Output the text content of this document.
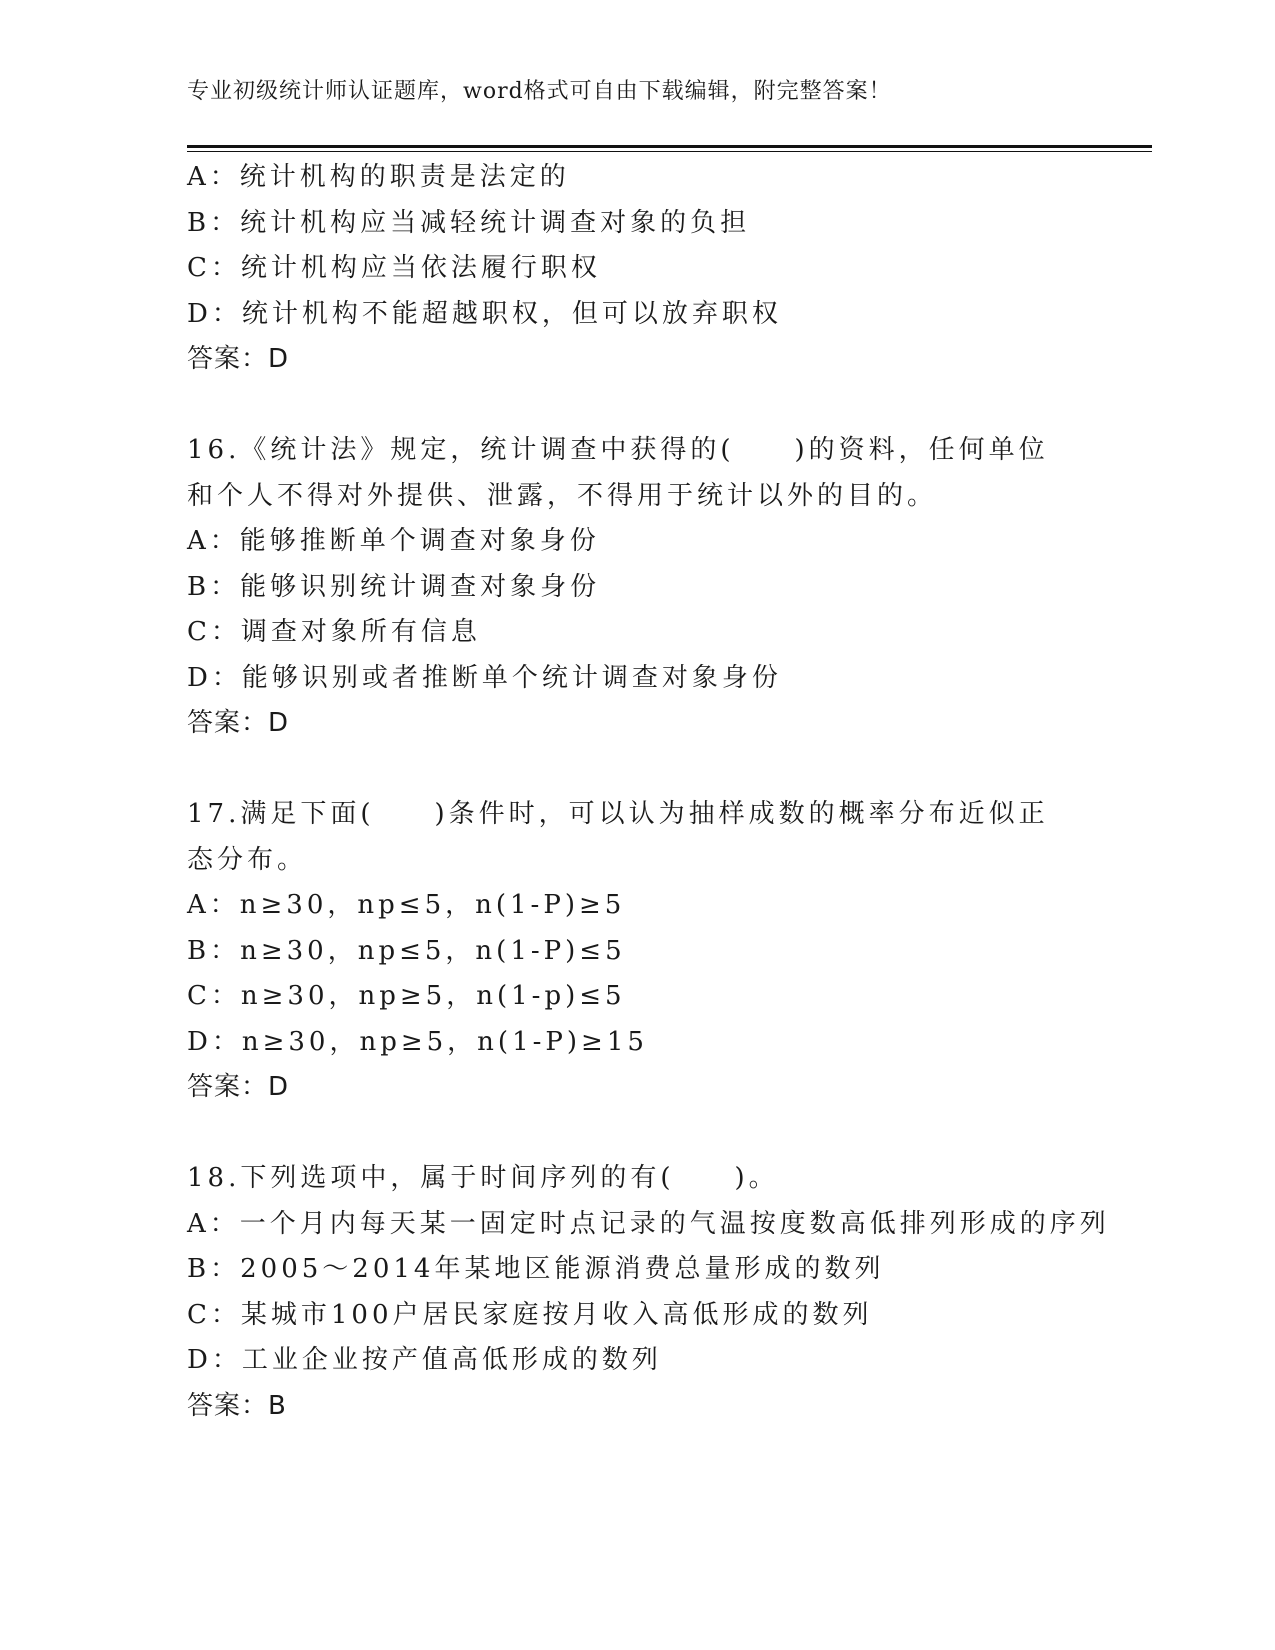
专业初级统计师认证题库，word格式可自由下载编辑，附完整答案！
A：统计机构的职责是法定的
B：统计机构应当减轻统计调查对象的负担
C：统计机构应当依法履行职权
D：统计机构不能超越职权，但可以放弃职权
答案：D
16.《统计法》规定，统计调查中获得的(　　)的资料，任何单位和个人不得对外提供、泄露，不得用于统计以外的目的。
A：能够推断单个调查对象身份
B：能够识别统计调查对象身份
C：调查对象所有信息
D：能够识别或者推断单个统计调查对象身份
答案：D
17.满足下面(　　)条件时，可以认为抽样成数的概率分布近似正态分布。
A：n≥30，np≤5，n(1-P)≥5
B：n≥30，np≤5，n(1-P)≤5
C：n≥30，np≥5，n(1-p)≤5
D：n≥30，np≥5，n(1-P)≥15
答案：D
18.下列选项中，属于时间序列的有(　　)。
A：一个月内每天某一固定时点记录的气温按度数高低排列形成的序列
B：2005～2014年某地区能源消费总量形成的数列
C：某城市100户居民家庭按月收入高低形成的数列
D：工业企业按产值高低形成的数列
答案：B
